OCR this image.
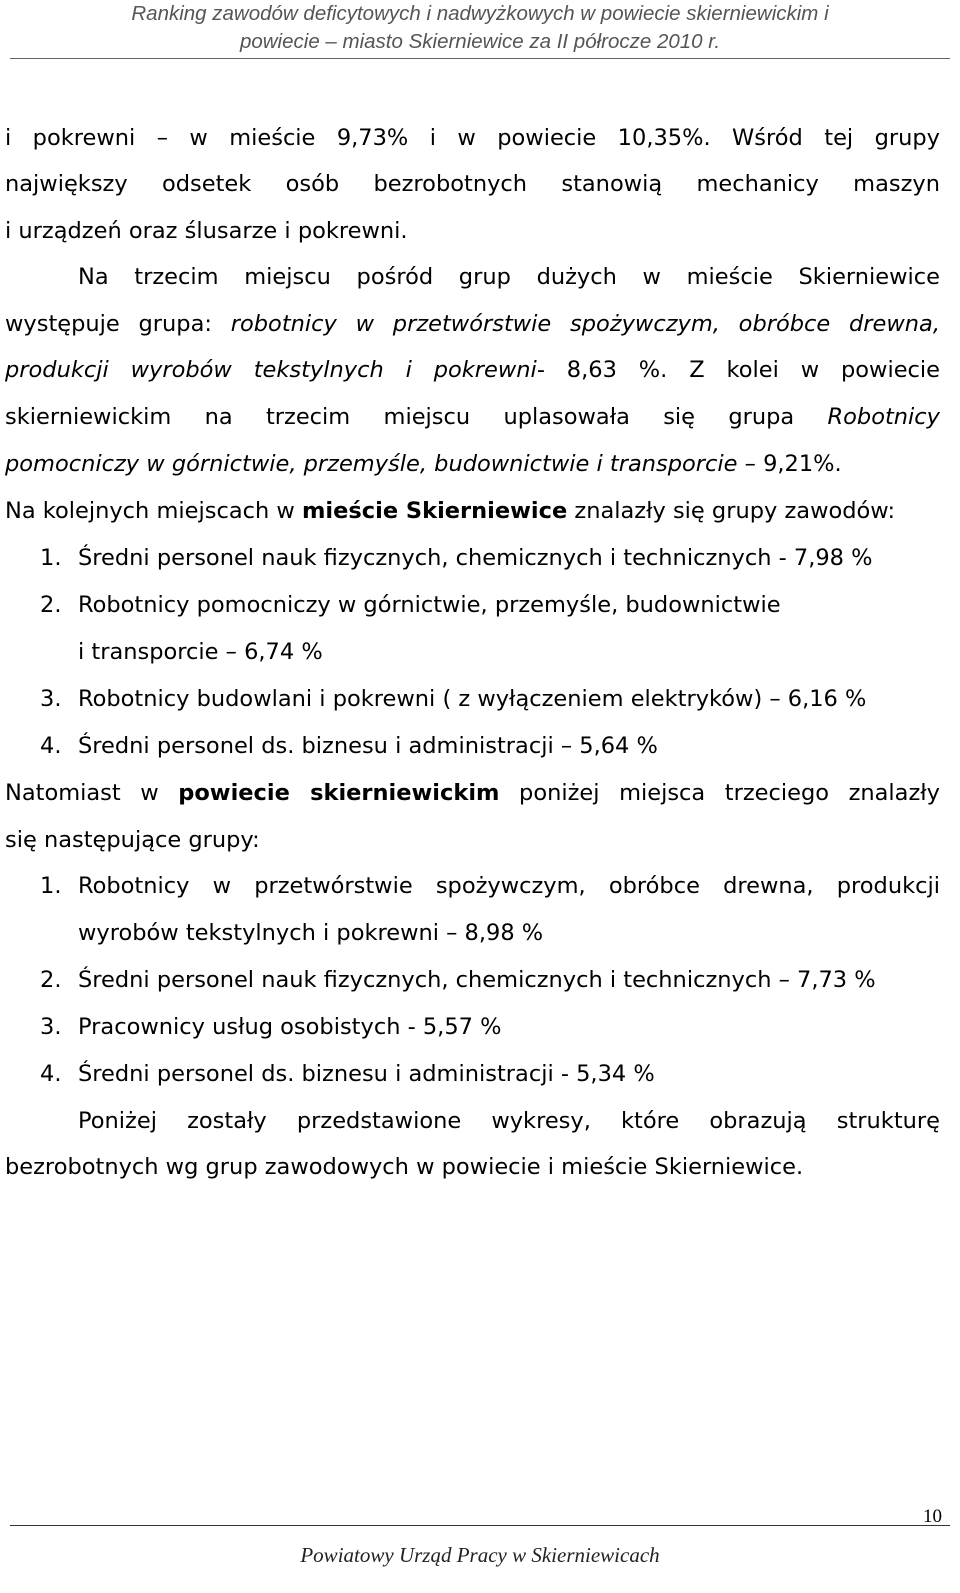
Ranking zawodów deficytowych i nadwyżkowych w powiecie skierniewickim i
powiecie – miasto Skierniewice za II półrocze 2010 r.
i pokrewni – w mieście 9,73% i w powiecie 10,35%. Wśród tej grupy
największy odsetek osób bezrobotnych stanowią mechanicy maszyn
i urządzeń oraz ślusarze i pokrewni.
Na trzecim miejscu pośród grup dużych w mieście Skierniewice
występuje grupa: robotnicy w przetwórstwie spożywczym, obróbce drewna,
produkcji wyrobów tekstylnych i pokrewni- 8,63 %. Z kolei w powiecie
skierniewickim na trzecim miejscu uplasowała się grupa Robotnicy
pomocniczy w górnictwie, przemyśle, budownictwie i transporcie – 9,21%.
Na kolejnych miejscach w mieście Skierniewice znalazły się grupy zawodów:
1. Średni personel nauk fizycznych, chemicznych i technicznych - 7,98 %
2. Robotnicy pomocniczy w górnictwie, przemyśle, budownictwie
i transporcie – 6,74 %
3. Robotnicy budowlani i pokrewni ( z wyłączeniem elektryków) – 6,16 %
4. Średni personel ds. biznesu i administracji – 5,64 %
Natomiast w powiecie skierniewickim poniżej miejsca trzeciego znalazły
się następujące grupy:
1. Robotnicy w przetwórstwie spożywczym, obróbce drewna, produkcji
wyrobów tekstylnych i pokrewni – 8,98 %
2. Średni personel nauk fizycznych, chemicznych i technicznych – 7,73 %
3. Pracownicy usług osobistych - 5,57 %
4. Średni personel ds. biznesu i administracji - 5,34 %
Poniżej zostały przedstawione wykresy, które obrazują strukturę
bezrobotnych wg grup zawodowych w powiecie i mieście Skierniewice.
10
Powiatowy Urząd Pracy w Skierniewicach
